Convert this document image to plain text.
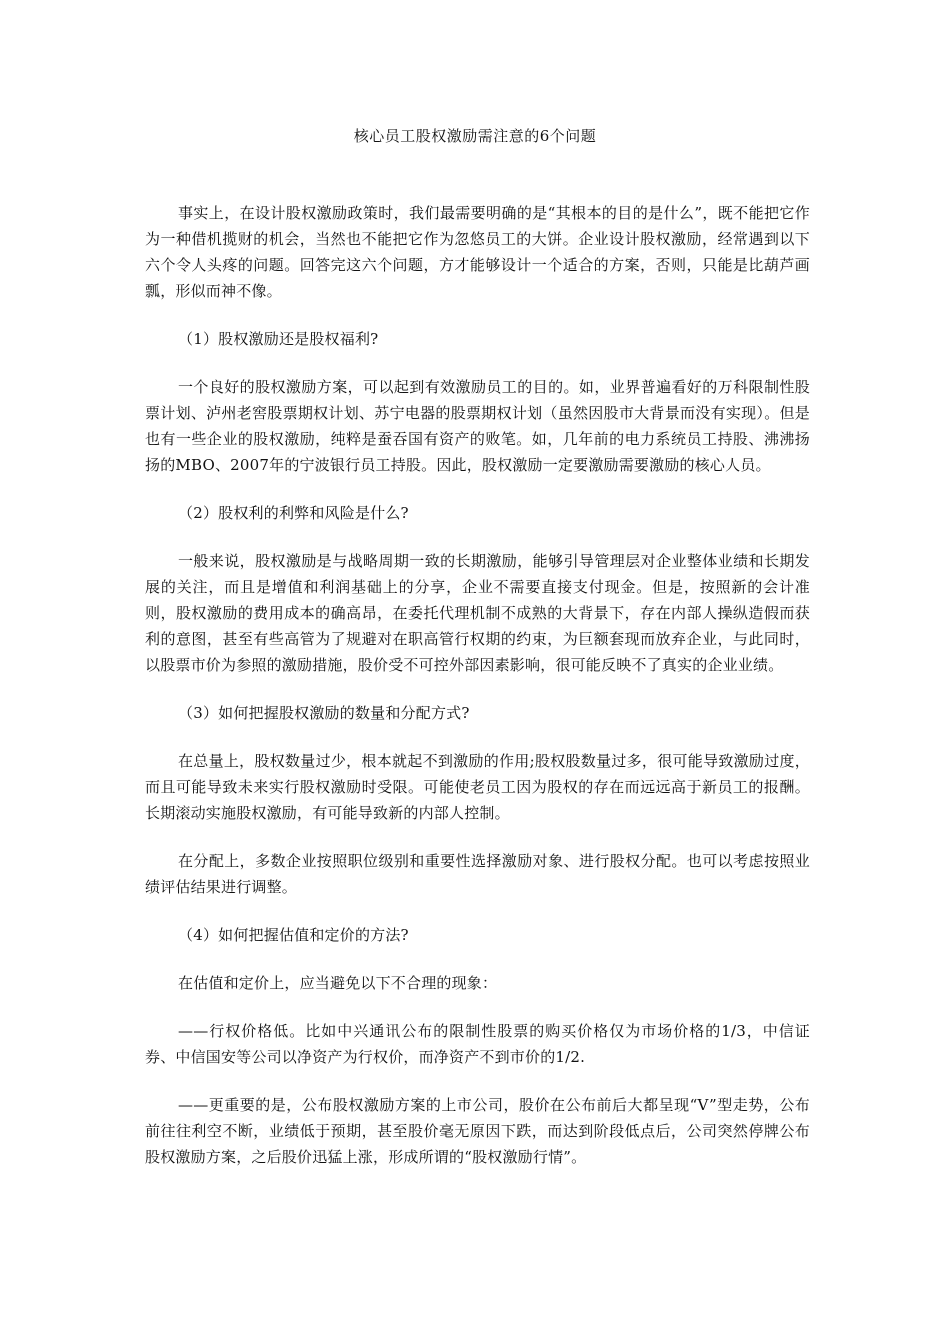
核心员工股权激励需注意的6个问题

事实上，在设计股权激励政策时，我们最需要明确的是“其根本的目的是什么”，既不能把它作为一种借机揽财的机会，当然也不能把它作为忽悠员工的大饼。企业设计股权激励，经常遇到以下六个令人头疼的问题。回答完这六个问题，方才能够设计一个适合的方案，否则，只能是比葫芦画瓢，形似而神不像。

（1）股权激励还是股权福利?

一个良好的股权激励方案，可以起到有效激励员工的目的。如，业界普遍看好的万科限制性股票计划、泸州老窖股票期权计划、苏宁电器的股票期权计划（虽然因股市大背景而没有实现）。但是也有一些企业的股权激励，纯粹是蚕吞国有资产的败笔。如，几年前的电力系统员工持股、沸沸扬扬的MBO、2007年的宁波银行员工持股。因此，股权激励一定要激励需要激励的核心人员。

（2）股权利的利弊和风险是什么?

一般来说，股权激励是与战略周期一致的长期激励，能够引导管理层对企业整体业绩和长期发展的关注，而且是增值和利润基础上的分享，企业不需要直接支付现金。但是，按照新的会计准则，股权激励的费用成本的确高昂，在委托代理机制不成熟的大背景下，存在内部人操纵造假而获利的意图，甚至有些高管为了规避对在职高管行权期的约束，为巨额套现而放弃企业，与此同时，以股票市价为参照的激励措施，股价受不可控外部因素影响，很可能反映不了真实的企业业绩。

（3）如何把握股权激励的数量和分配方式?

在总量上，股权数量过少，根本就起不到激励的作用;股权股数量过多，很可能导致激励过度，而且可能导致未来实行股权激励时受限。可能使老员工因为股权的存在而远远高于新员工的报酬。长期滚动实施股权激励，有可能导致新的内部人控制。

在分配上，多数企业按照职位级别和重要性选择激励对象、进行股权分配。也可以考虑按照业绩评估结果进行调整。

（4）如何把握估值和定价的方法?

在估值和定价上，应当避免以下不合理的现象：

——行权价格低。比如中兴通讯公布的限制性股票的购买价格仅为市场价格的1/3，中信证券、中信国安等公司以净资产为行权价，而净资产不到市价的1/2.

——更重要的是，公布股权激励方案的上市公司，股价在公布前后大都呈现“V”型走势，公布前往往利空不断，业绩低于预期，甚至股价毫无原因下跌，而达到阶段低点后，公司突然停牌公布股权激励方案，之后股价迅猛上涨，形成所谓的“股权激励行情”。
